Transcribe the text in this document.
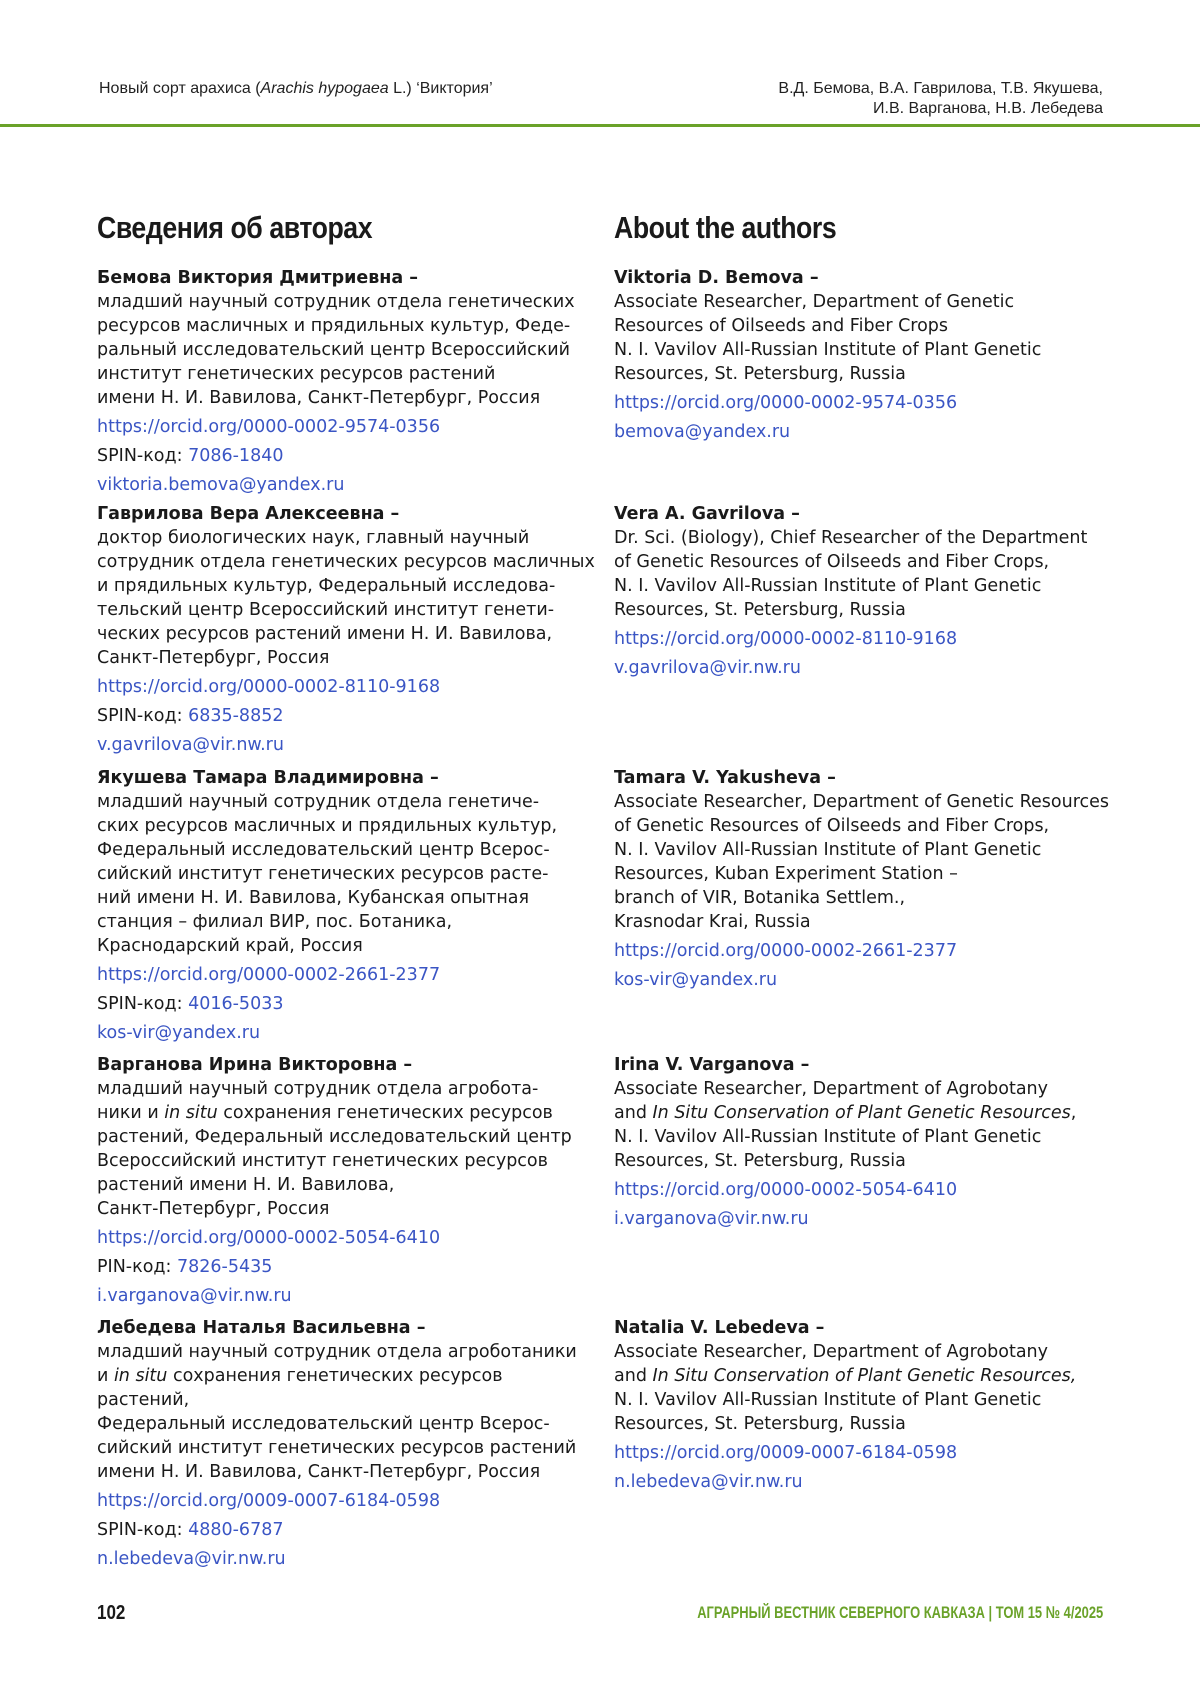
Новый сорт арахиса (Arachis hypogaea L.) ‘Виктория’	В.Д. Бемова, В.А. Гаврилова, Т.В. Якушева,
И.В. Варганова, Н.В. Лебедева
Сведения об авторах
Бемова Виктория Дмитриевна –
младший научный сотрудник отдела генетических
ресурсов масличных и прядильных культур, Феде-
ральный исследовательский центр Всероссийский
институт генетических ресурсов растений
имени Н. И. Вавилова, Санкт-Петербург, Россия
https://orcid.org/0000-0002-9574-0356
SPIN-код: 7086-1840
viktoria.bemova@yandex.ru
Гаврилова Вера Алексеевна –
доктор биологических наук, главный научный
сотрудник отдела генетических ресурсов масличных
и прядильных культур, Федеральный исследова-
тельский центр Всероссийский институт генети-
ческих ресурсов растений имени Н. И. Вавилова,
Санкт-Петербург, Россия
https://orcid.org/0000-0002-8110-9168
SPIN-код: 6835-8852
v.gavrilova@vir.nw.ru
Якушева Тамара Владимировна –
младший научный сотрудник отдела генетиче-
ских ресурсов масличных и прядильных культур,
Федеральный исследовательский центр Всерос-
сийский институт генетических ресурсов расте-
ний имени Н. И. Вавилова, Кубанская опытная
станция – филиал ВИР, пос. Ботаника,
Краснодарский край, Россия
https://orcid.org/0000-0002-2661-2377
SPIN-код: 4016-5033
kos-vir@yandex.ru
Варганова Ирина Викторовна –
младший научный сотрудник отдела агробота-
ники и in situ сохранения генетических ресурсов
растений, Федеральный исследовательский центр
Всероссийский институт генетических ресурсов
растений имени Н. И. Вавилова,
Санкт-Петербург, Россия
https://orcid.org/0000-0002-5054-6410
PIN-код: 7826-5435
i.varganova@vir.nw.ru
Лебедева Наталья Васильевна –
младший научный сотрудник отдела агроботаники
и in situ сохранения генетических ресурсов растений,
Федеральный исследовательский центр Всерос-
сийский институт генетических ресурсов растений
имени Н. И. Вавилова, Санкт-Петербург, Россия
https://orcid.org/0009-0007-6184-0598
SPIN-код: 4880-6787
n.lebedeva@vir.nw.ru
About the authors
Viktoria D. Bemova –
Associate Researcher, Department of Genetic
Resources of Oilseeds and Fiber Crops
N. I. Vavilov All-Russian Institute of Plant Genetic
Resources, St. Petersburg, Russia
https://orcid.org/0000-0002-9574-0356
bemova@yandex.ru
Vera A. Gavrilova –
Dr. Sci. (Biology), Chief Researcher of the Department
of Genetic Resources of Oilseeds and Fiber Crops,
N. I. Vavilov All-Russian Institute of Plant Genetic
Resources, St. Petersburg, Russia
https://orcid.org/0000-0002-8110-9168
v.gavrilova@vir.nw.ru
Tamara V. Yakusheva –
Associate Researcher, Department of Genetic Resources
of Genetic Resources of Oilseeds and Fiber Crops,
N. I. Vavilov All-Russian Institute of Plant Genetic
Resources, Kuban Experiment Station –
branch of VIR, Botanika Settlem.,
Krasnodar Krai, Russia
https://orcid.org/0000-0002-2661-2377
kos-vir@yandex.ru
Irina V. Varganova –
Associate Researcher, Department of Agrobotany
and In Situ Conservation of Plant Genetic Resources,
N. I. Vavilov All-Russian Institute of Plant Genetic
Resources, St. Petersburg, Russia
https://orcid.org/0000-0002-5054-6410
i.varganova@vir.nw.ru
Natalia V. Lebedeva –
Associate Researcher, Department of Agrobotany
and In Situ Conservation of Plant Genetic Resources,
N. I. Vavilov All-Russian Institute of Plant Genetic
Resources, St. Petersburg, Russia
https://orcid.org/0009-0007-6184-0598
n.lebedeva@vir.nw.ru
102	АГРАРНЫЙ ВЕСТНИК СЕВЕРНОГО КАВКАЗА | ТОМ 15 № 4/2025
